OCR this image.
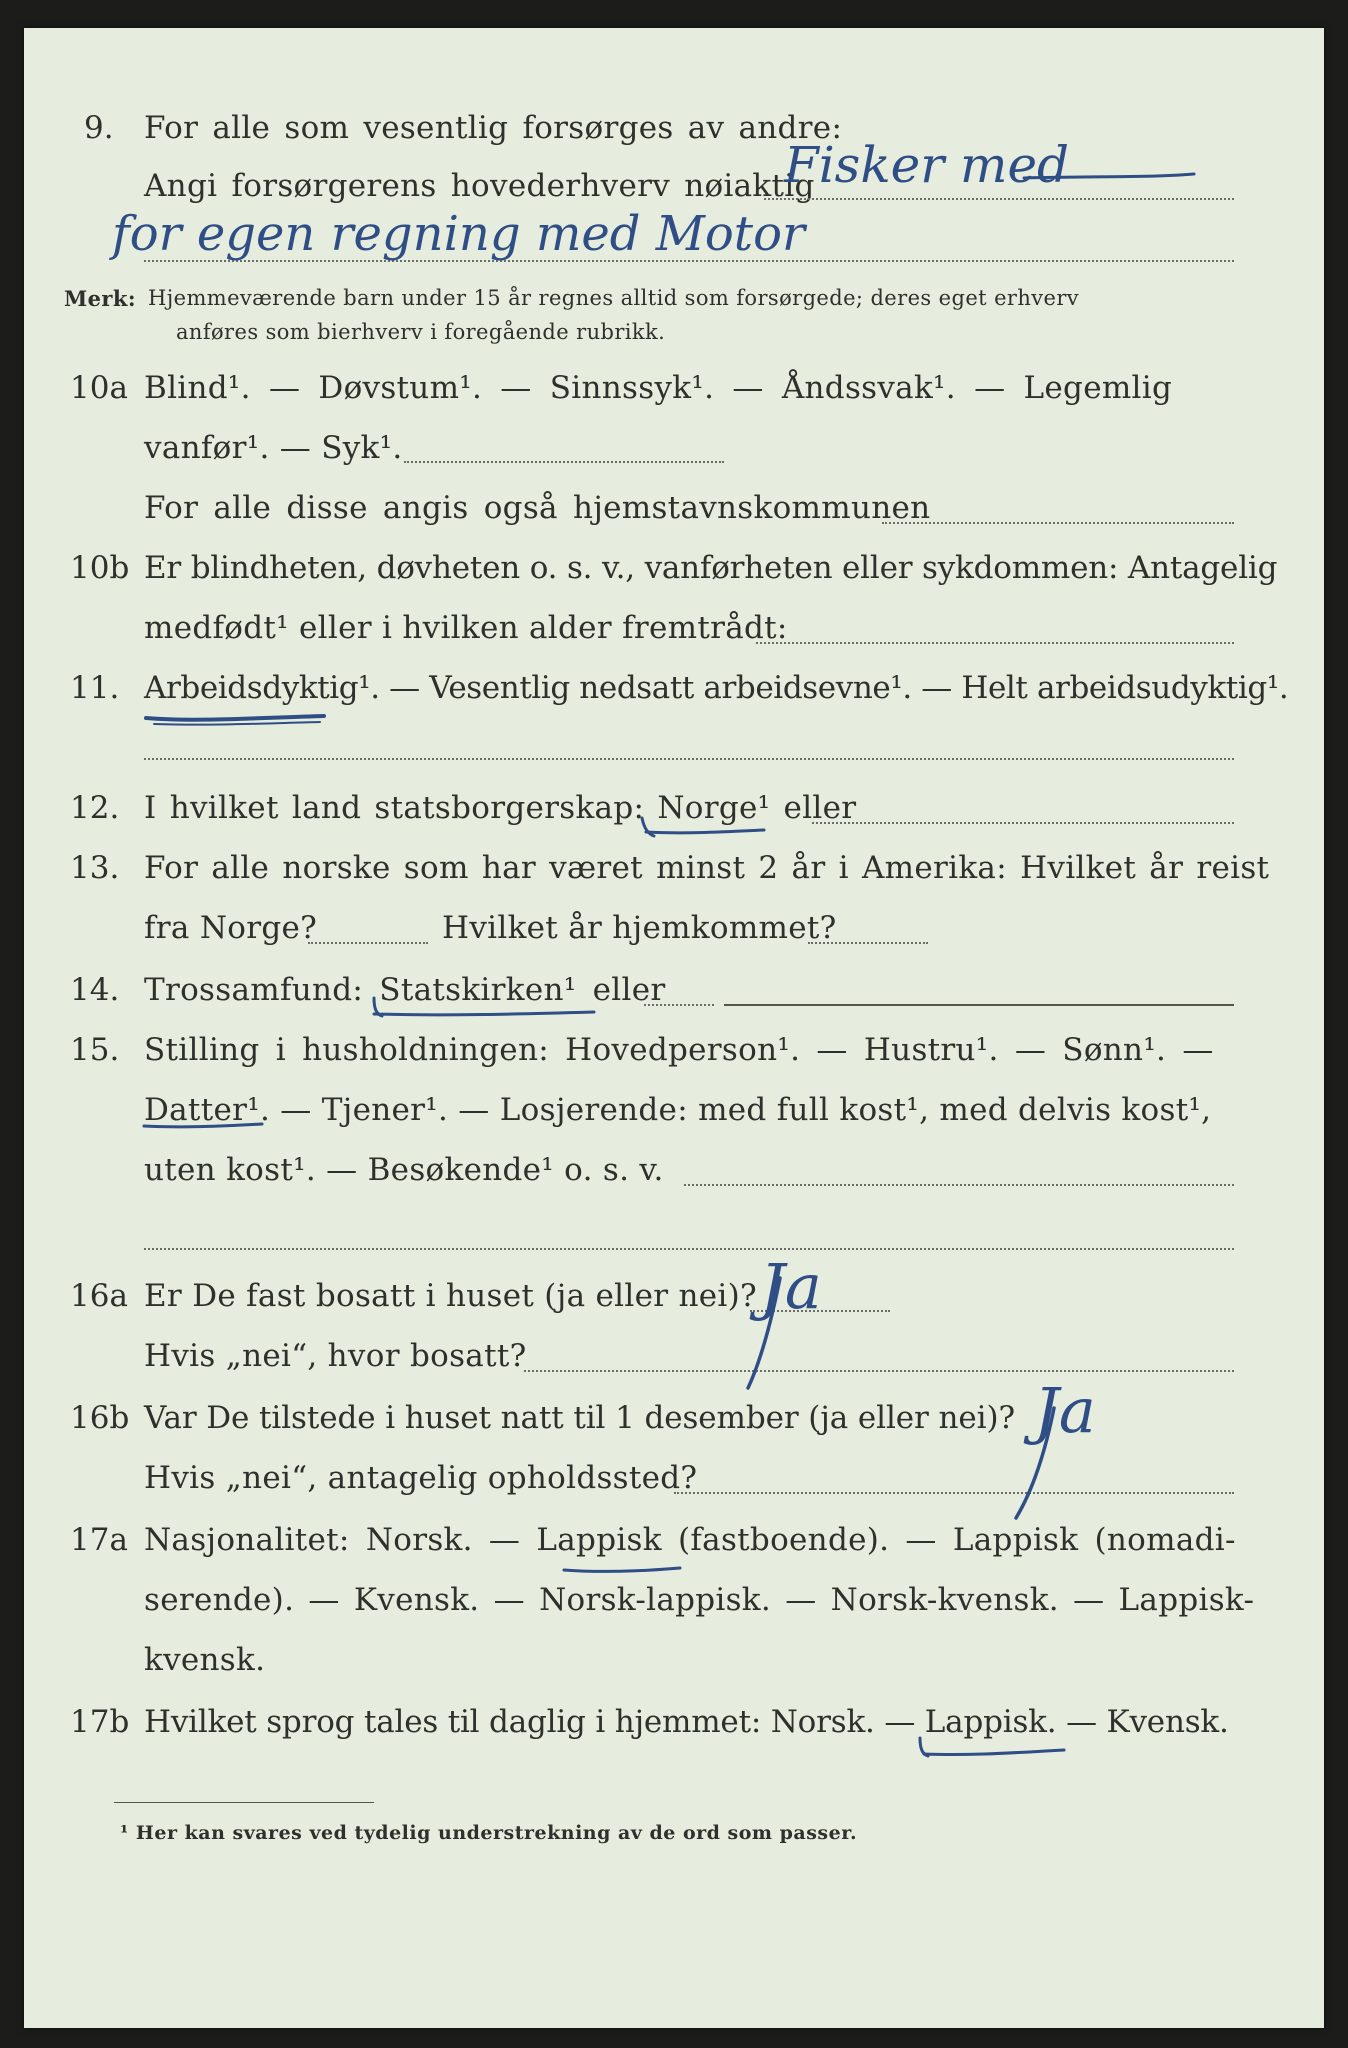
9. For alle som vesentlig forsørges av andre:
Angi forsørgerens hovederhverv nøiaktig
Fisker med
for egen regning med Motor
Merk: Hjemmeværende barn under 15 år regnes alltid som forsørgede; deres eget erhverv
anføres som bierhverv i foregående rubrikk.
10a Blind¹. — Døvstum¹. — Sinnssyk¹. — Åndssvak¹. — Legemlig
vanfør¹. — Syk¹.
For alle disse angis også hjemstavnskommunen
10b Er blindheten, døvheten o. s. v., vanførheten eller sykdommen: Antagelig
medfødt¹ eller i hvilken alder fremtrådt:
11. Arbeidsdyktig¹. — Vesentlig nedsatt arbeidsevne¹. — Helt arbeidsudyktig¹.
12. I hvilket land statsborgerskap: Norge¹ eller
13. For alle norske som har været minst 2 år i Amerika: Hvilket år reist
fra Norge?	Hvilket år hjemkommet?
14. Trossamfund: Statskirken¹ eller
15. Stilling i husholdningen: Hovedperson¹. — Hustru¹. — Sønn¹. —
Datter¹. — Tjener¹. — Losjerende: med full kost¹, med delvis kost¹,
uten kost¹. — Besøkende¹ o. s. v.
16a Er De fast bosatt i huset (ja eller nei)? Ja
Hvis „nei“, hvor bosatt?
16b Var De tilstede i huset natt til 1 desember (ja eller nei)? Ja
Hvis „nei“, antagelig opholdssted?
17a Nasjonalitet: Norsk. — Lappisk (fastboende). — Lappisk (nomadi-
serende). — Kvensk. — Norsk-lappisk. — Norsk-kvensk. — Lappisk-
kvensk.
17b Hvilket sprog tales til daglig i hjemmet: Norsk. — Lappisk. — Kvensk.
¹ Her kan svares ved tydelig understrekning av de ord som passer.
